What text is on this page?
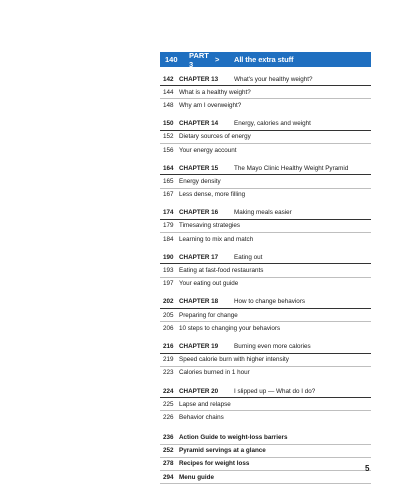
140	PART 3	>	All the extra stuff
142 CHAPTER 13	What's your healthy weight?
144 What is a healthy weight?
148 Why am I overweight?
150 CHAPTER 14	Energy, calories and weight
152 Dietary sources of energy
156 Your energy account
164 CHAPTER 15	The Mayo Clinic Healthy Weight Pyramid
165 Energy density
167 Less dense, more filling
174 CHAPTER 16	Making meals easier
179 Timesaving strategies
184 Learning to mix and match
190 CHAPTER 17	Eating out
193 Eating at fast-food restaurants
197 Your eating out guide
202 CHAPTER 18	How to change behaviors
205 Preparing for change
206 10 steps to changing your behaviors
216 CHAPTER 19	Burning even more calories
219 Speed calorie burn with higher intensity
223 Calories burned in 1 hour
224 CHAPTER 20	I slipped up — What do I do?
225 Lapse and relapse
226 Behavior chains
236 Action Guide to weight-loss barriers
252 Pyramid servings at a glance
278 Recipes for weight loss
294 Menu guide
5
